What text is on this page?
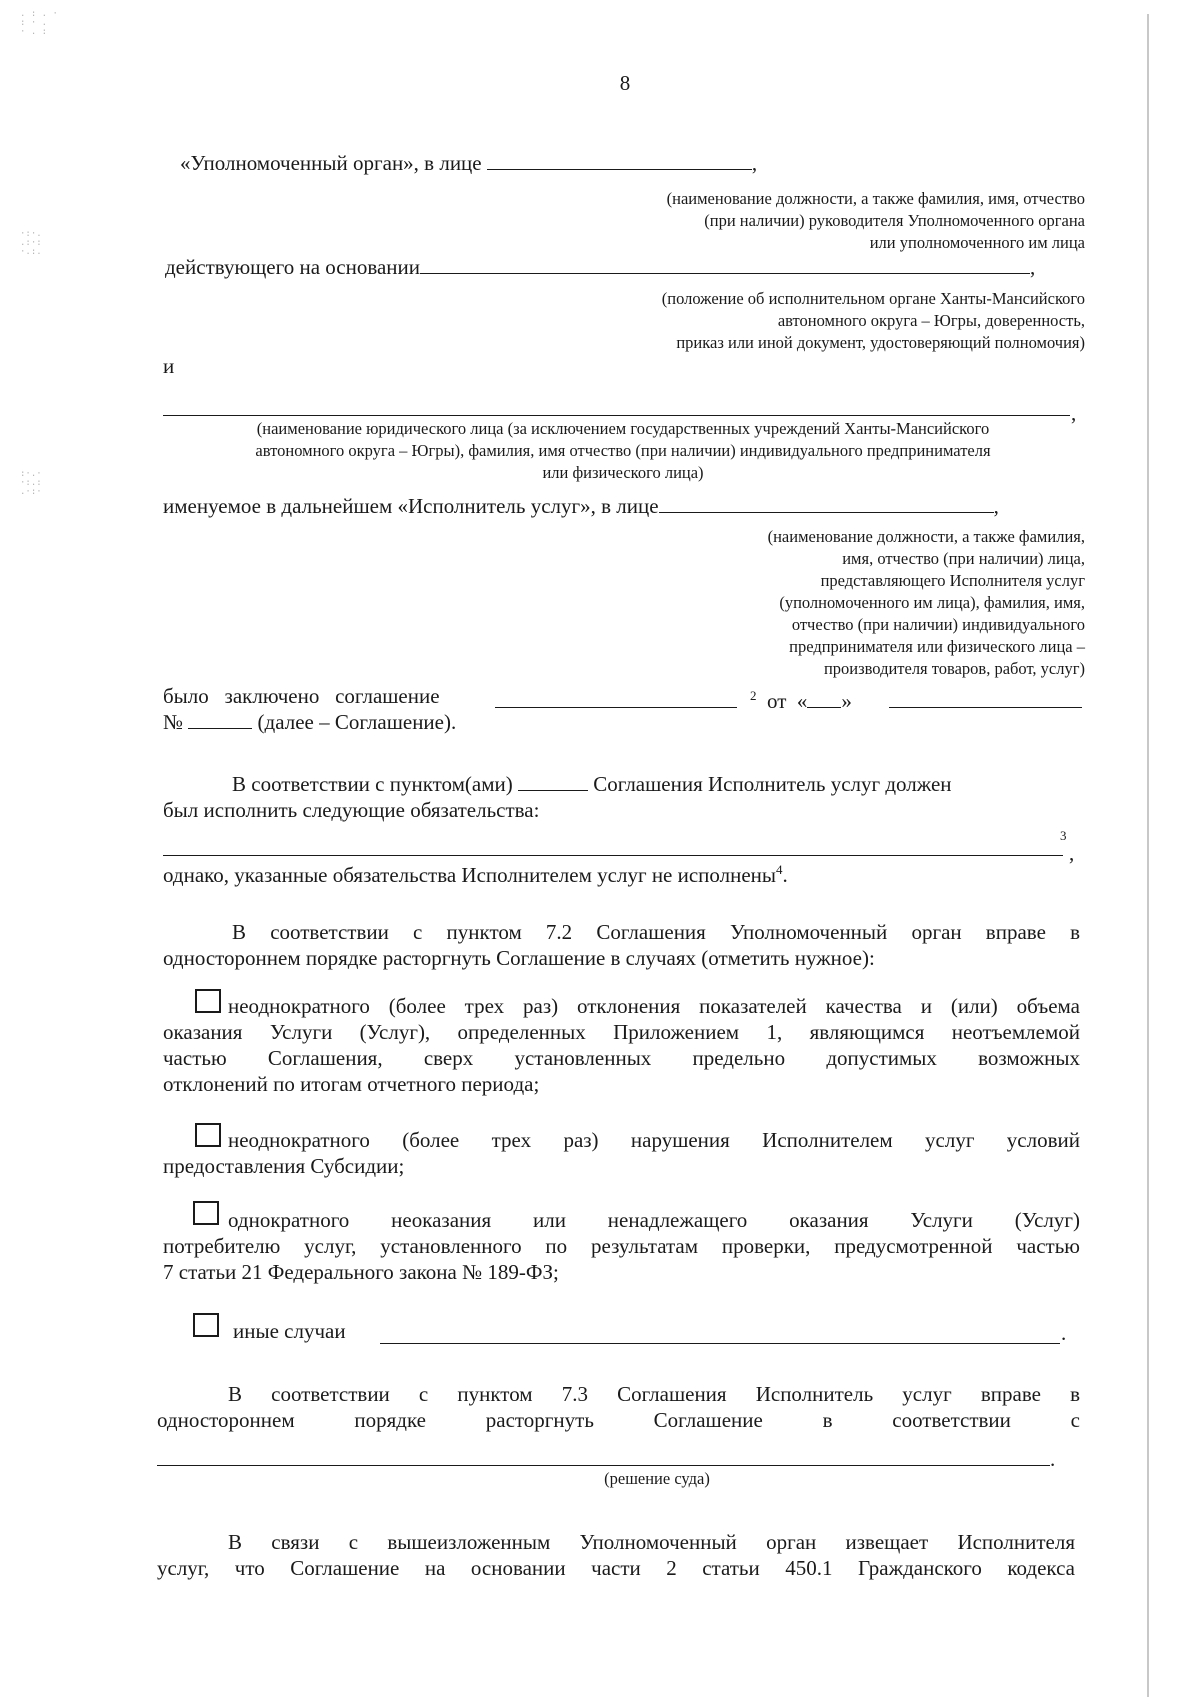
. : . ·
: · .
· . :
·:·.
.:·:
·.:.
:·.·
·:.:
.·:·
8
«Уполномоченный орган», в лице	,
(наименование должности, а также фамилия, имя, отчество
(при наличии) руководителя Уполномоченного органа
или уполномоченного им лица
действующего на основании	,
(положение об исполнительном органе Ханты-Мансийского
автономного округа – Югры, доверенность,
приказ или иной документ, удостоверяющий полномочия)
и
,
(наименование юридического лица (за исключением государственных учреждений Ханты-Мансийского
автономного округа – Югры), фамилия, имя отчество (при наличии) индивидуального предпринимателя
или физического лица)
именуемое в дальнейшем «Исполнитель услуг», в лице	,
(наименование должности, а также фамилия,
имя, отчество (при наличии) лица,
представляющего Исполнителя услуг
(уполномоченного им лица), фамилия, имя,
отчество (при наличии) индивидуального
предпринимателя или физического лица –
производителя товаров, работ, услуг)
было заключено соглашение	$^2$ от « »
№	(далее – Соглашение).
В соответствии с пунктом(ами)	Соглашения Исполнитель услуг должен
был исполнить следующие обязательства:
3
,
однако, указанные обязательства Исполнителем услуг не исполнены$^4$.
В соответствии с пунктом 7.2 Соглашения Уполномоченный орган вправе в
одностороннем порядке расторгнуть Соглашение в случаях (отметить нужное):
неоднократного (более трех раз) отклонения показателей качества и (или) объема
оказания Услуги (Услуг), определенных Приложением 1, являющимся неотъемлемой
частью Соглашения, сверх установленных предельно допустимых возможных
отклонений по итогам отчетного периода;
неоднократного (более трех раз) нарушения Исполнителем услуг условий
предоставления Субсидии;
однократного неоказания или ненадлежащего оказания Услуги (Услуг)
потребителю услуг, установленного по результатам проверки, предусмотренной частью
7 статьи 21 Федерального закона № 189-ФЗ;
иные случаи	.
В соответствии с пунктом 7.3 Соглашения Исполнитель услуг вправе в
одностороннем порядке расторгнуть Соглашение в соответствии с
.
(решение суда)
В связи с вышеизложенным Уполномоченный орган извещает Исполнителя
услуг, что Соглашение на основании части 2 статьи 450.1 Гражданского кодекса
